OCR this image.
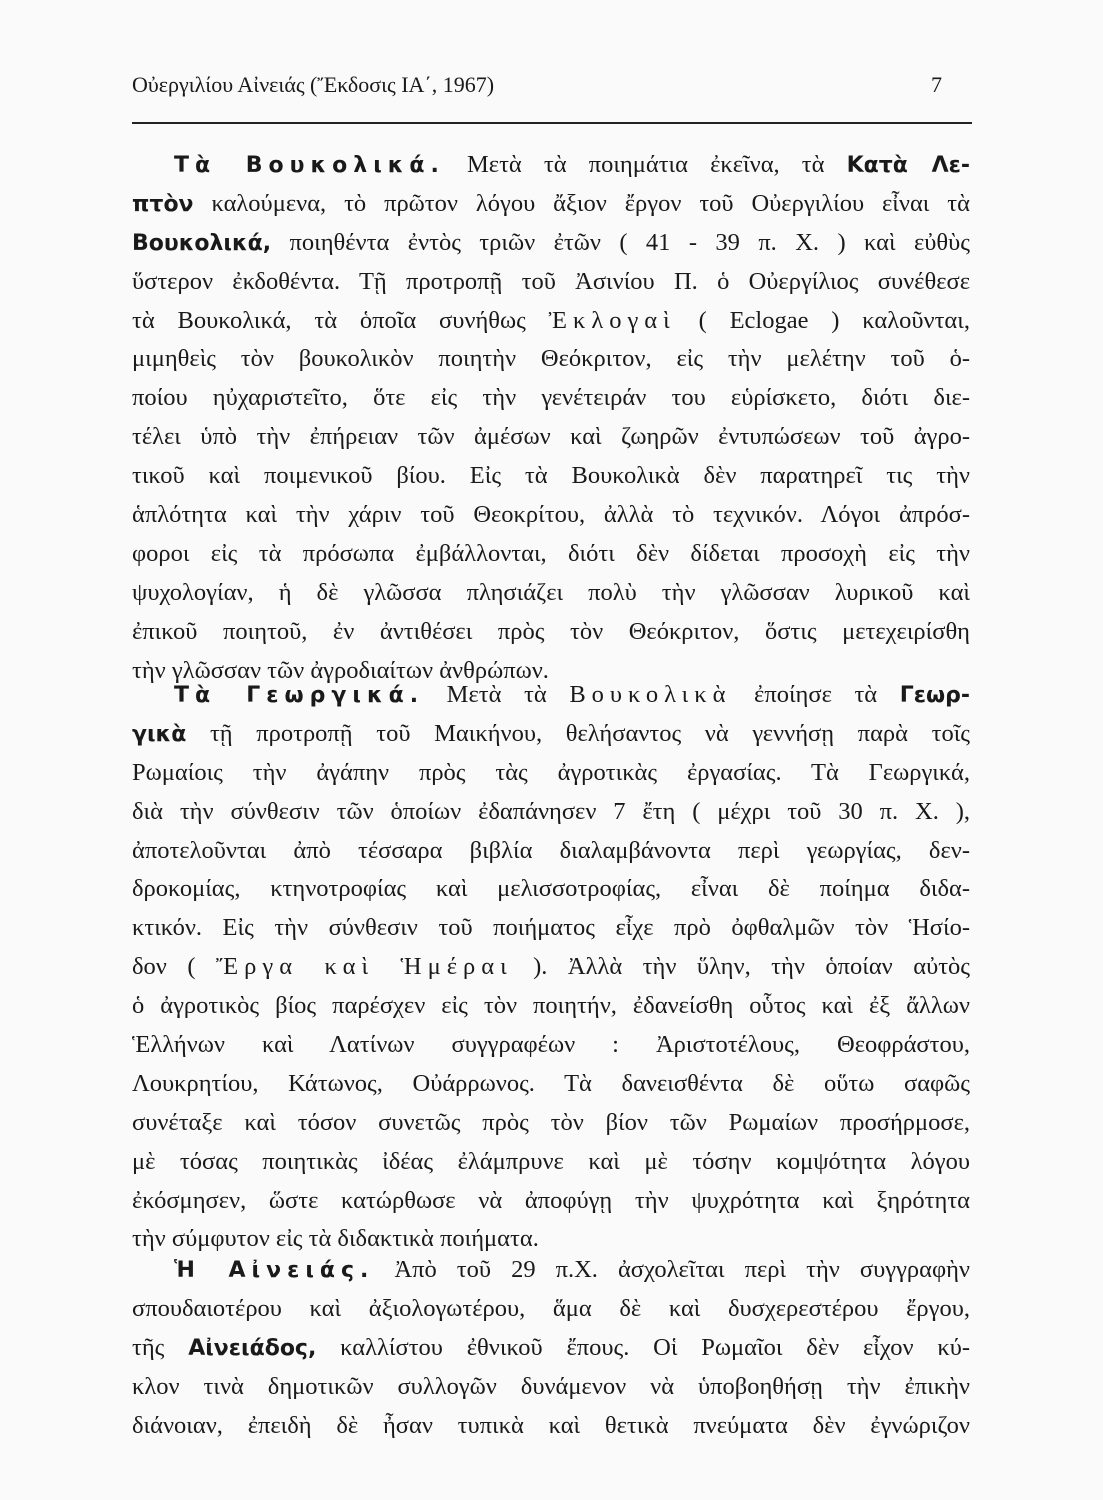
Οὐεργιλίου Αἰνειάς (Ἔκδοσις ΙΑ΄, 1967)	7
Τὰ Βουκολικά. Μετὰ τὰ ποιημάτια ἐκεῖνα, τὰ Κατὰ Λε-
πτὸν καλούμενα, τὸ πρῶτον λόγου ἄξιον ἔργον τοῦ Οὐεργιλίου εἶναι τὰ
Βουκολικά, ποιηθέντα ἐντὸς τριῶν ἐτῶν ( 41 - 39 π. Χ. ) καὶ εὐθὺς
ὕστερον ἐκδοθέντα. Τῇ προτροπῇ τοῦ Ἀσινίου Π. ὁ Οὐεργίλιος συνέθεσε
τὰ Βουκολικά, τὰ ὁποῖα συνήθως Ἐκλογαὶ ( Eclogae ) καλοῦνται,
μιμηθεὶς τὸν βουκολικὸν ποιητὴν Θεόκριτον, εἰς τὴν μελέτην τοῦ ὁ-
ποίου ηὐχαριστεῖτο, ὅτε εἰς τὴν γενέτειράν του εὑρίσκετο, διότι διε-
τέλει ὑπὸ τὴν ἐπήρειαν τῶν ἀμέσων καὶ ζωηρῶν ἐντυπώσεων τοῦ ἀγρο-
τικοῦ καὶ ποιμενικοῦ βίου. Εἰς τὰ Βουκολικὰ δὲν παρατηρεῖ τις τὴν
ἁπλότητα καὶ τὴν χάριν τοῦ Θεοκρίτου, ἀλλὰ τὸ τεχνικόν. Λόγοι ἀπρόσ-
φοροι εἰς τὰ πρόσωπα ἐμβάλλονται, διότι δὲν δίδεται προσοχὴ εἰς τὴν
ψυχολογίαν, ἡ δὲ γλῶσσα πλησιάζει πολὺ τὴν γλῶσσαν λυρικοῦ καὶ
ἐπικοῦ ποιητοῦ, ἐν ἀντιθέσει πρὸς τὸν Θεόκριτον, ὅστις μετεχειρίσθη
τὴν γλῶσσαν τῶν ἀγροδιαίτων ἀνθρώπων.
Τὰ Γεωργικά. Μετὰ τὰ Βουκολικὰ ἐποίησε τὰ Γεωρ-
γικὰ τῇ προτροπῇ τοῦ Μαικήνου, θελήσαντος νὰ γεννήσῃ παρὰ τοῖς
Ρωμαίοις τὴν ἀγάπην πρὸς τὰς ἀγροτικὰς ἐργασίας. Τὰ Γεωργικά,
διὰ τὴν σύνθεσιν τῶν ὁποίων ἐδαπάνησεν 7 ἔτη ( μέχρι τοῦ 30 π. Χ. ),
ἀποτελοῦνται ἀπὸ τέσσαρα βιβλία διαλαμβάνοντα περὶ γεωργίας, δεν-
δροκομίας, κτηνοτροφίας καὶ μελισσοτροφίας, εἶναι δὲ ποίημα διδα-
κτικόν. Εἰς τὴν σύνθεσιν τοῦ ποιήματος εἶχε πρὸ ὀφθαλμῶν τὸν Ἡσίο-
δον ( Ἔργα καὶ Ἡμέραι ). Ἀλλὰ τὴν ὕλην, τὴν ὁποίαν αὐτὸς
ὁ ἀγροτικὸς βίος παρέσχεν εἰς τὸν ποιητήν, ἐδανείσθη οὗτος καὶ ἐξ ἄλλων
Ἑλλήνων καὶ Λατίνων συγγραφέων : Ἀριστοτέλους, Θεοφράστου,
Λουκρητίου, Κάτωνος, Οὐάρρωνος. Τὰ δανεισθέντα δὲ οὕτω σαφῶς
συνέταξε καὶ τόσον συνετῶς πρὸς τὸν βίον τῶν Ρωμαίων προσήρμοσε,
μὲ τόσας ποιητικὰς ἰδέας ἐλάμπρυνε καὶ μὲ τόσην κομψότητα λόγου
ἐκόσμησεν, ὥστε κατώρθωσε νὰ ἀποφύγῃ τὴν ψυχρότητα καὶ ξηρότητα
τὴν σύμφυτον εἰς τὰ διδακτικὰ ποιήματα.
Ἡ Αἰνειάς. Ἀπὸ τοῦ 29 π.Χ. ἀσχολεῖται περὶ τὴν συγγραφὴν
σπουδαιοτέρου καὶ ἀξιολογωτέρου, ἅμα δὲ καὶ δυσχερεστέρου ἔργου,
τῆς Αἰνειάδος, καλλίστου ἐθνικοῦ ἔπους. Οἱ Ρωμαῖοι δὲν εἶχον κύ-
κλον τινὰ δημοτικῶν συλλογῶν δυνάμενον νὰ ὑποβοηθήσῃ τὴν ἐπικὴν
διάνοιαν, ἐπειδὴ δὲ ἦσαν τυπικὰ καὶ θετικὰ πνεύματα δὲν ἐγνώριζον
